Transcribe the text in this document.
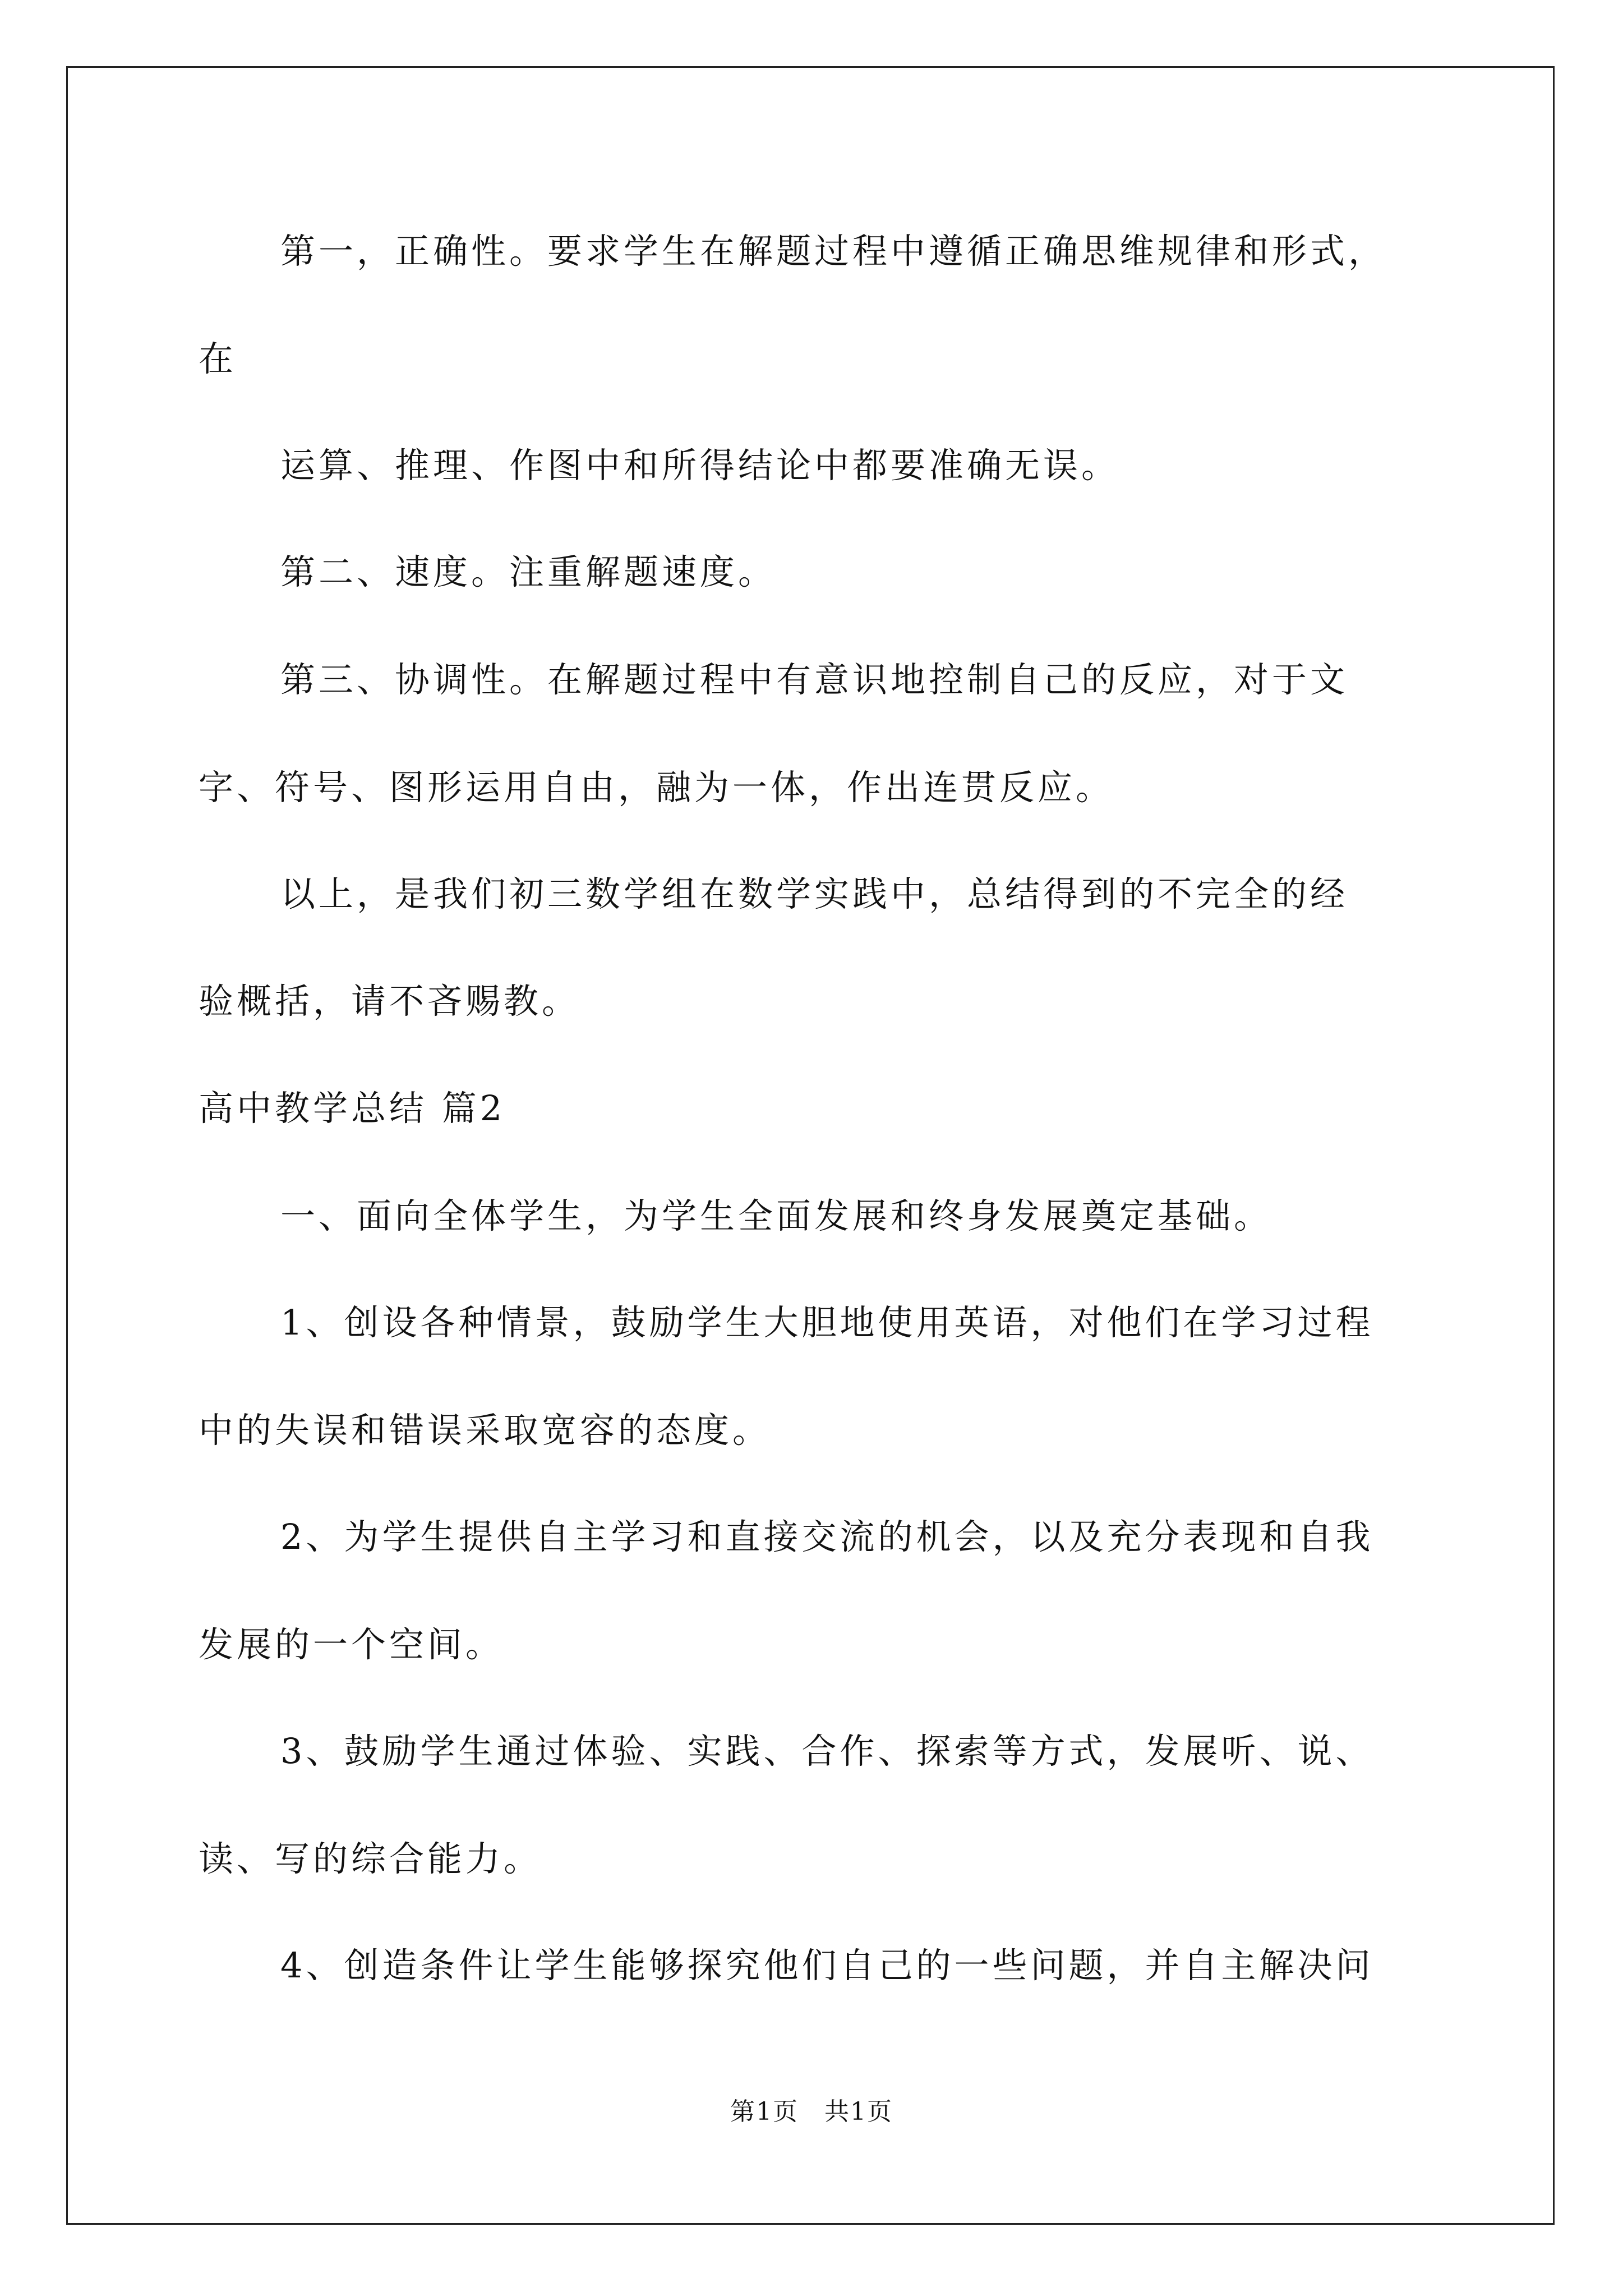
第一，正确性。要求学生在解题过程中遵循正确思维规律和形式，
在
运算、推理、作图中和所得结论中都要准确无误。
第二、速度。注重解题速度。
第三、协调性。在解题过程中有意识地控制自己的反应，对于文
字、符号、图形运用自由，融为一体，作出连贯反应。
以上，是我们初三数学组在数学实践中，总结得到的不完全的经
验概括，请不吝赐教。
高中教学总结 篇2
一、面向全体学生，为学生全面发展和终身发展奠定基础。
1、创设各种情景，鼓励学生大胆地使用英语，对他们在学习过程
中的失误和错误采取宽容的态度。
2、为学生提供自主学习和直接交流的机会，以及充分表现和自我
发展的一个空间。
3、鼓励学生通过体验、实践、合作、探索等方式，发展听、说、
读、写的综合能力。
4、创造条件让学生能够探究他们自己的一些问题，并自主解决问
第1页　共1页
